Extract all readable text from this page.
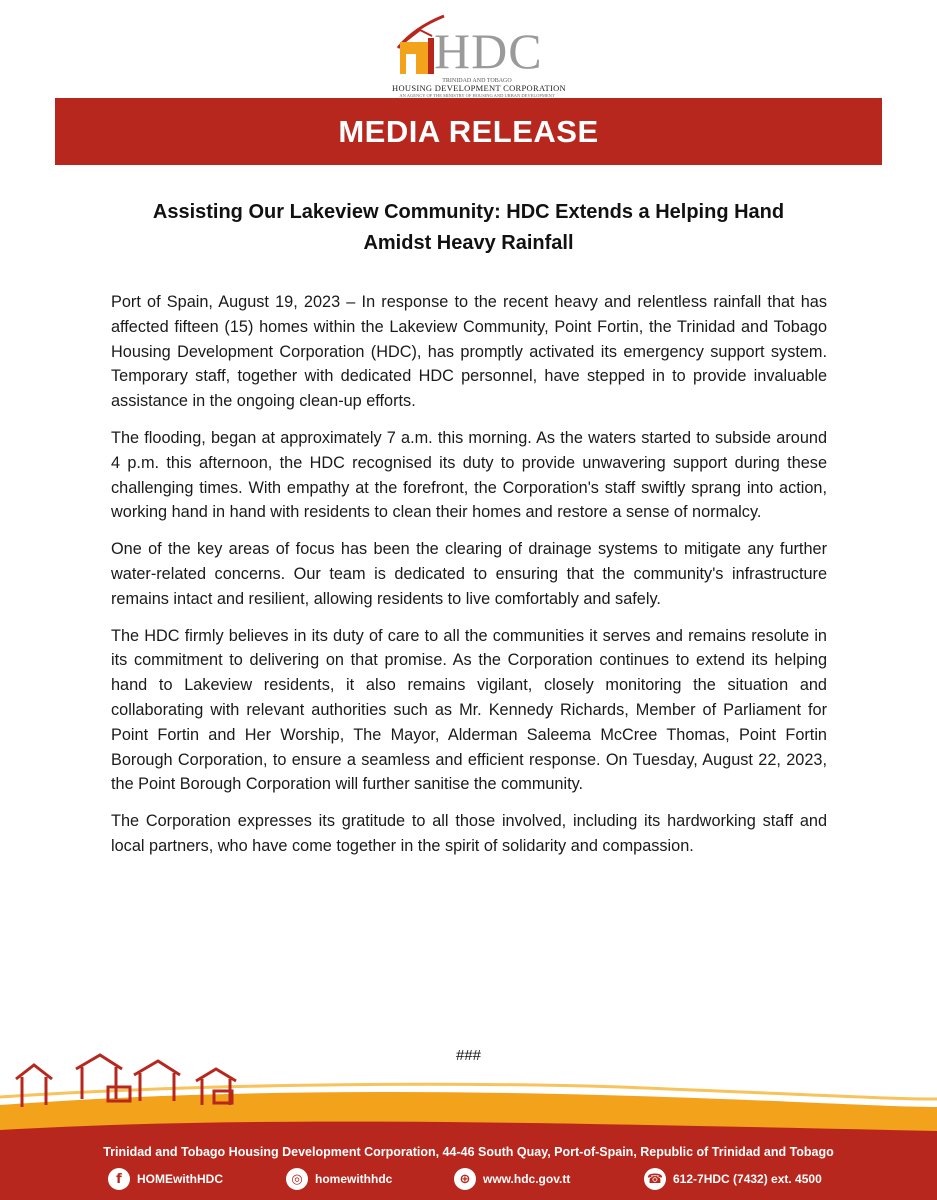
HDC
TRINIDAD AND TOBAGO
HOUSING DEVELOPMENT CORPORATION
AN AGENCY OF THE MINISTRY OF HOUSING AND URBAN DEVELOPMENT
MEDIA RELEASE
Assisting Our Lakeview Community: HDC Extends a Helping Hand
Amidst Heavy Rainfall

Port of Spain, August 19, 2023 – In response to the recent heavy and relentless rainfall that has affected fifteen (15) homes within the Lakeview Community, Point Fortin, the Trinidad and Tobago Housing Development Corporation (HDC), has promptly activated its emergency support system. Temporary staff, together with dedicated HDC personnel, have stepped in to provide invaluable assistance in the ongoing clean-up efforts.

The flooding, began at approximately 7 a.m. this morning. As the waters started to subside around 4 p.m. this afternoon, the HDC recognised its duty to provide unwavering support during these challenging times. With empathy at the forefront, the Corporation's staff swiftly sprang into action, working hand in hand with residents to clean their homes and restore a sense of normalcy.

One of the key areas of focus has been the clearing of drainage systems to mitigate any further water-related concerns. Our team is dedicated to ensuring that the community's infrastructure remains intact and resilient, allowing residents to live comfortably and safely.

The HDC firmly believes in its duty of care to all the communities it serves and remains resolute in its commitment to delivering on that promise. As the Corporation continues to extend its helping hand to Lakeview residents, it also remains vigilant, closely monitoring the situation and collaborating with relevant authorities such as Mr. Kennedy Richards, Member of Parliament for Point Fortin and Her Worship, The Mayor, Alderman Saleema McCree Thomas, Point Fortin Borough Corporation, to ensure a seamless and efficient response. On Tuesday, August 22, 2023, the Point Borough Corporation will further sanitise the community.

The Corporation expresses its gratitude to all those involved, including its hardworking staff and local partners, who have come together in the spirit of solidarity and compassion.

###
Trinidad and Tobago Housing Development Corporation, 44-46 South Quay, Port-of-Spain, Republic of Trinidad and Tobago
f	HOMEwithHDC	◎	homewithhdc	⊕	www.hdc.gov.tt	☎ 612-7HDC (7432) ext. 4500
